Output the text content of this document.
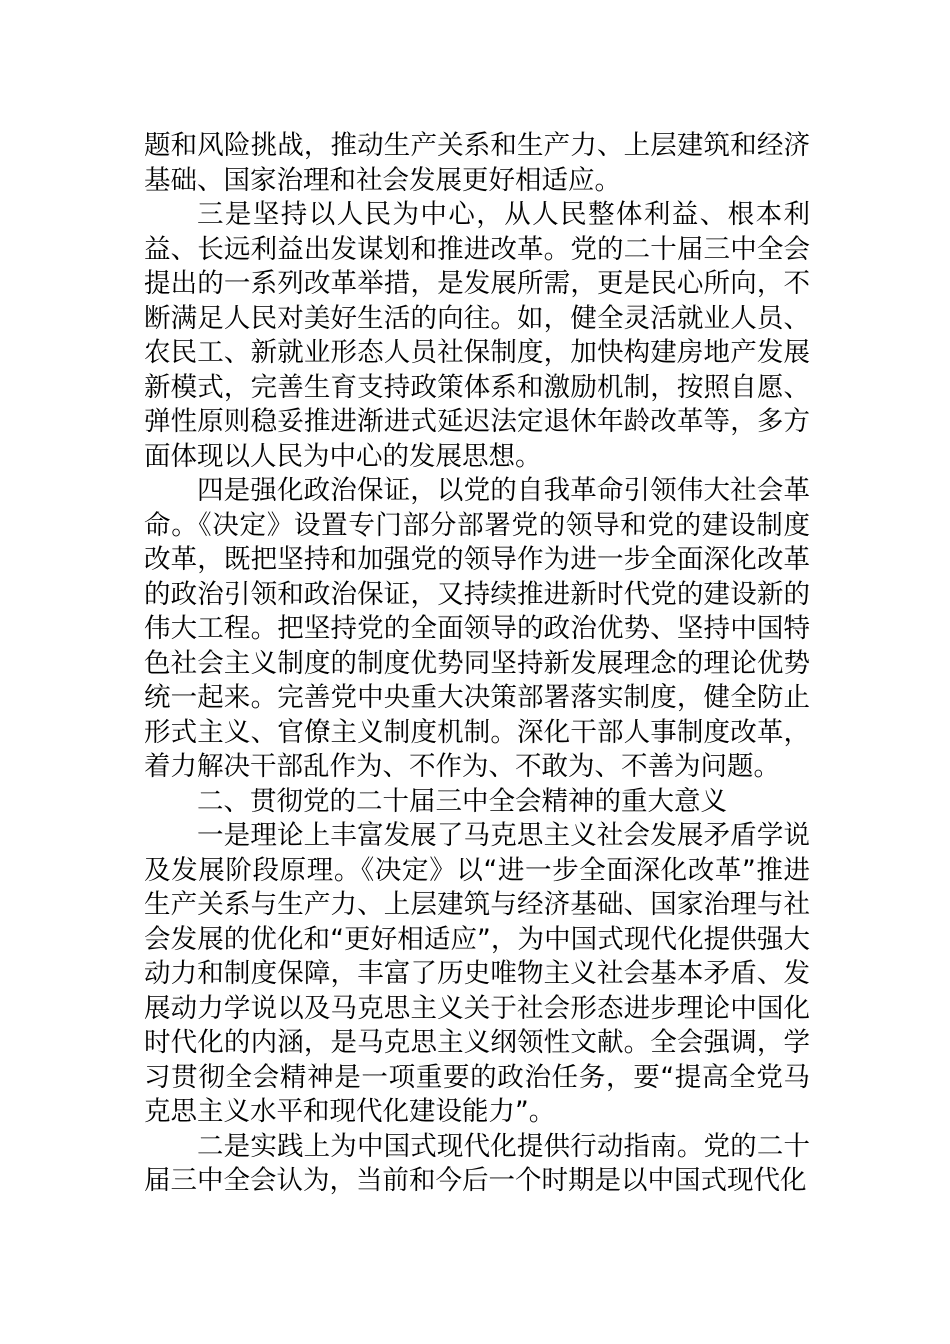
题和风险挑战，推动生产关系和生产力、上层建筑和经济基础、国家治理和社会发展更好相适应。

三是坚持以人民为中心，从人民整体利益、根本利益、长远利益出发谋划和推进改革。党的二十届三中全会提出的一系列改革举措，是发展所需，更是民心所向，不断满足人民对美好生活的向往。如，健全灵活就业人员、农民工、新就业形态人员社保制度，加快构建房地产发展新模式，完善生育支持政策体系和激励机制，按照自愿、弹性原则稳妥推进渐进式延迟法定退休年龄改革等，多方面体现以人民为中心的发展思想。

四是强化政治保证，以党的自我革命引领伟大社会革命。《决定》设置专门部分部署党的领导和党的建设制度改革，既把坚持和加强党的领导作为进一步全面深化改革的政治引领和政治保证，又持续推进新时代党的建设新的伟大工程。把坚持党的全面领导的政治优势、坚持中国特色社会主义制度的制度优势同坚持新发展理念的理论优势统一起来。完善党中央重大决策部署落实制度，健全防止形式主义、官僚主义制度机制。深化干部人事制度改革，着力解决干部乱作为、不作为、不敢为、不善为问题。

二、贯彻党的二十届三中全会精神的重大意义

一是理论上丰富发展了马克思主义社会发展矛盾学说及发展阶段原理。《决定》以“进一步全面深化改革”推进生产关系与生产力、上层建筑与经济基础、国家治理与社会发展的优化和“更好相适应”，为中国式现代化提供强大动力和制度保障，丰富了历史唯物主义社会基本矛盾、发展动力学说以及马克思主义关于社会形态进步理论中国化时代化的内涵，是马克思主义纲领性文献。全会强调，学习贯彻全会精神是一项重要的政治任务，要“提高全党马克思主义水平和现代化建设能力”。

二是实践上为中国式现代化提供行动指南。党的二十届三中全会认为，当前和今后一个时期是以中国式现代化
